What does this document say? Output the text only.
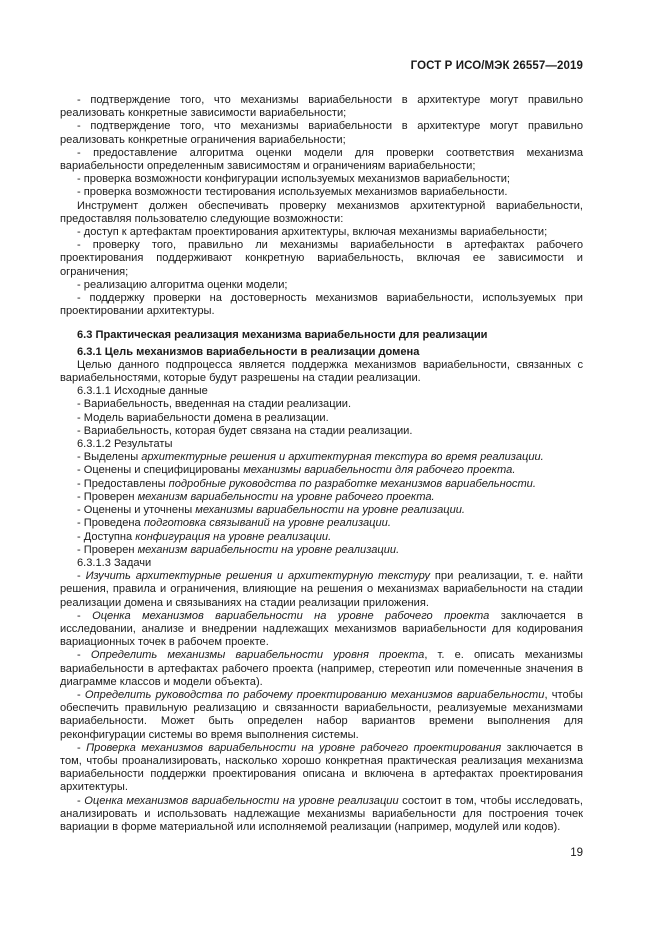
ГОСТ Р ИСО/МЭК 26557—2019

- подтверждение того, что механизмы вариабельности в архитектуре могут правильно реализовать конкретные зависимости вариабельности;

- подтверждение того, что механизмы вариабельности в архитектуре могут правильно реализовать конкретные ограничения вариабельности;

- предоставление алгоритма оценки модели для проверки соответствия механизма вариабельности определенным зависимостям и ограничениям вариабельности;

- проверка возможности конфигурации используемых механизмов вариабельности;

- проверка возможности тестирования используемых механизмов вариабельности.

Инструмент должен обеспечивать проверку механизмов архитектурной вариабельности, предоставляя пользователю следующие возможности:

- доступ к артефактам проектирования архитектуры, включая механизмы вариабельности;

- проверку того, правильно ли механизмы вариабельности в артефактах рабочего проектирования поддерживают конкретную вариабельность, включая ее зависимости и ограничения;

- реализацию алгоритма оценки модели;

- поддержку проверки на достоверность механизмов вариабельности, используемых при проектировании архитектуры.

6.3 Практическая реализация механизма вариабельности для реализации
6.3.1 Цель механизмов вариабельности в реализации домена

Целью данного подпроцесса является поддержка механизмов вариабельности, связанных с вариабельностями, которые будут разрешены на стадии реализации.

6.3.1.1 Исходные данные

- Вариабельность, введенная на стадии реализации.

- Модель вариабельности домена в реализации.

- Вариабельность, которая будет связана на стадии реализации.

6.3.1.2 Результаты

- Выделены архитектурные решения и архитектурная текстура во время реализации.

- Оценены и специфицированы механизмы вариабельности для рабочего проекта.

- Предоставлены подробные руководства по разработке механизмов вариабельности.

- Проверен механизм вариабельности на уровне рабочего проекта.

- Оценены и уточнены механизмы вариабельности на уровне реализации.

- Проведена подготовка связываний на уровне реализации.

- Доступна конфигурация на уровне реализации.

- Проверен механизм вариабельности на уровне реализации.

6.3.1.3 Задачи

- Изучить архитектурные решения и архитектурную текстуру при реализации, т. е. найти решения, правила и ограничения, влияющие на решения о механизмах вариабельности на стадии реализации домена и связываниях на стадии реализации приложения.

- Оценка механизмов вариабельности на уровне рабочего проекта заключается в исследовании, анализе и внедрении надлежащих механизмов вариабельности для кодирования вариационных точек в рабочем проекте.

- Определить механизмы вариабельности уровня проекта, т. е. описать механизмы вариабельности в артефактах рабочего проекта (например, стереотип или помеченные значения в диаграмме классов и модели объекта).

- Определить руководства по рабочему проектированию механизмов вариабельности, чтобы обеспечить правильную реализацию и связанности вариабельности, реализуемые механизмами вариабельности. Может быть определен набор вариантов времени выполнения для реконфигурации системы во время выполнения системы.

- Проверка механизмов вариабельности на уровне рабочего проектирования заключается в том, чтобы проанализировать, насколько хорошо конкретная практическая реализация механизма вариабельности поддержки проектирования описана и включена в артефактах проектирования архитектуры.

- Оценка механизмов вариабельности на уровне реализации состоит в том, чтобы исследовать, анализировать и использовать надлежащие механизмы вариабельности для построения точек вариации в форме материальной или исполняемой реализации (например, модулей или кодов).

19
